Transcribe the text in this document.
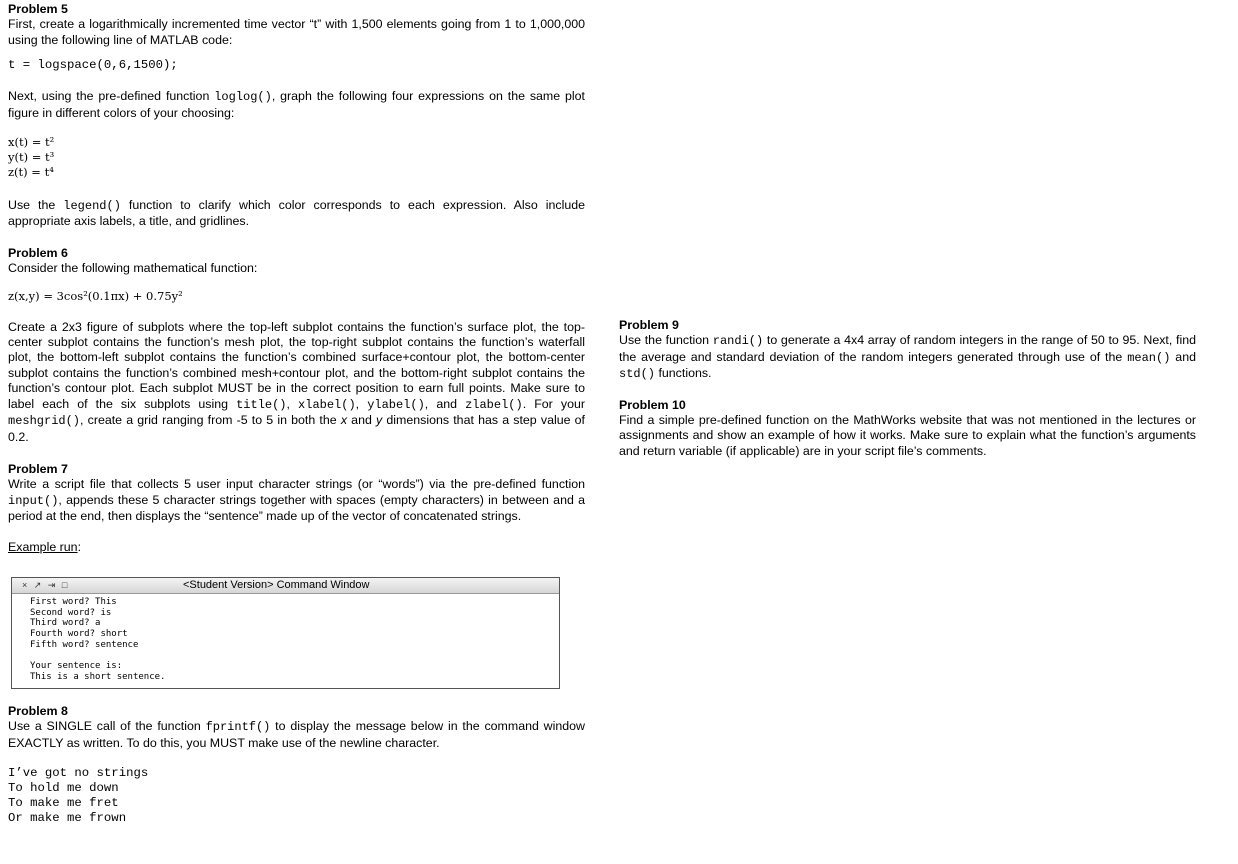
Problem 5

First, create a logarithmically incremented time vector “t” with 1,500 elements going from 1 to 1,000,000 using the following line of MATLAB code:

t = logspace(0,6,1500);

Next, using the pre-defined function loglog(), graph the following four expressions on the same plot figure in different colors of your choosing:

x(t) = t²
y(t) = t³
z(t) = t⁴

Use the legend() function to clarify which color corresponds to each expression. Also include appropriate axis labels, a title, and gridlines.

Problem 6

Consider the following mathematical function:

z(x,y) = 3cos²(0.1πx) + 0.75y²

Create a 2x3 figure of subplots where the top-left subplot contains the function’s surface plot, the top-center subplot contains the function’s mesh plot, the top-right subplot contains the function’s waterfall plot, the bottom-left subplot contains the function’s combined surface+contour plot, the bottom-center subplot contains the function’s combined mesh+contour plot, and the bottom-right subplot contains the function’s contour plot. Each subplot MUST be in the correct position to earn full points. Make sure to label each of the six subplots using title(), xlabel(), ylabel(), and zlabel(). For your meshgrid(), create a grid ranging from -5 to 5 in both the x and y dimensions that has a step value of 0.2.

Problem 7

Write a script file that collects 5 user input character strings (or “words”) via the pre-defined function input(), appends these 5 character strings together with spaces (empty characters) in between and a period at the end, then displays the “sentence” made up of the vector of concatenated strings.

Example run:
× ↗ ⇥ □	<Student Version> Command Window
First word? This
Second word? is
Third word? a
Fourth word? short
Fifth word? sentence

Your sentence is:
This is a short sentence.
Problem 8

Use a SINGLE call of the function fprintf() to display the message below in the command window EXACTLY as written. To do this, you MUST make use of the newline character.

I’ve got no strings
To hold me down
To make me fret
Or make me frown
Problem 9

Use the function randi() to generate a 4x4 array of random integers in the range of 50 to 95. Next, find the average and standard deviation of the random integers generated through use of the mean() and std() functions.

Problem 10

Find a simple pre-defined function on the MathWorks website that was not mentioned in the lectures or assignments and show an example of how it works. Make sure to explain what the function’s arguments and return variable (if applicable) are in your script file’s comments.
